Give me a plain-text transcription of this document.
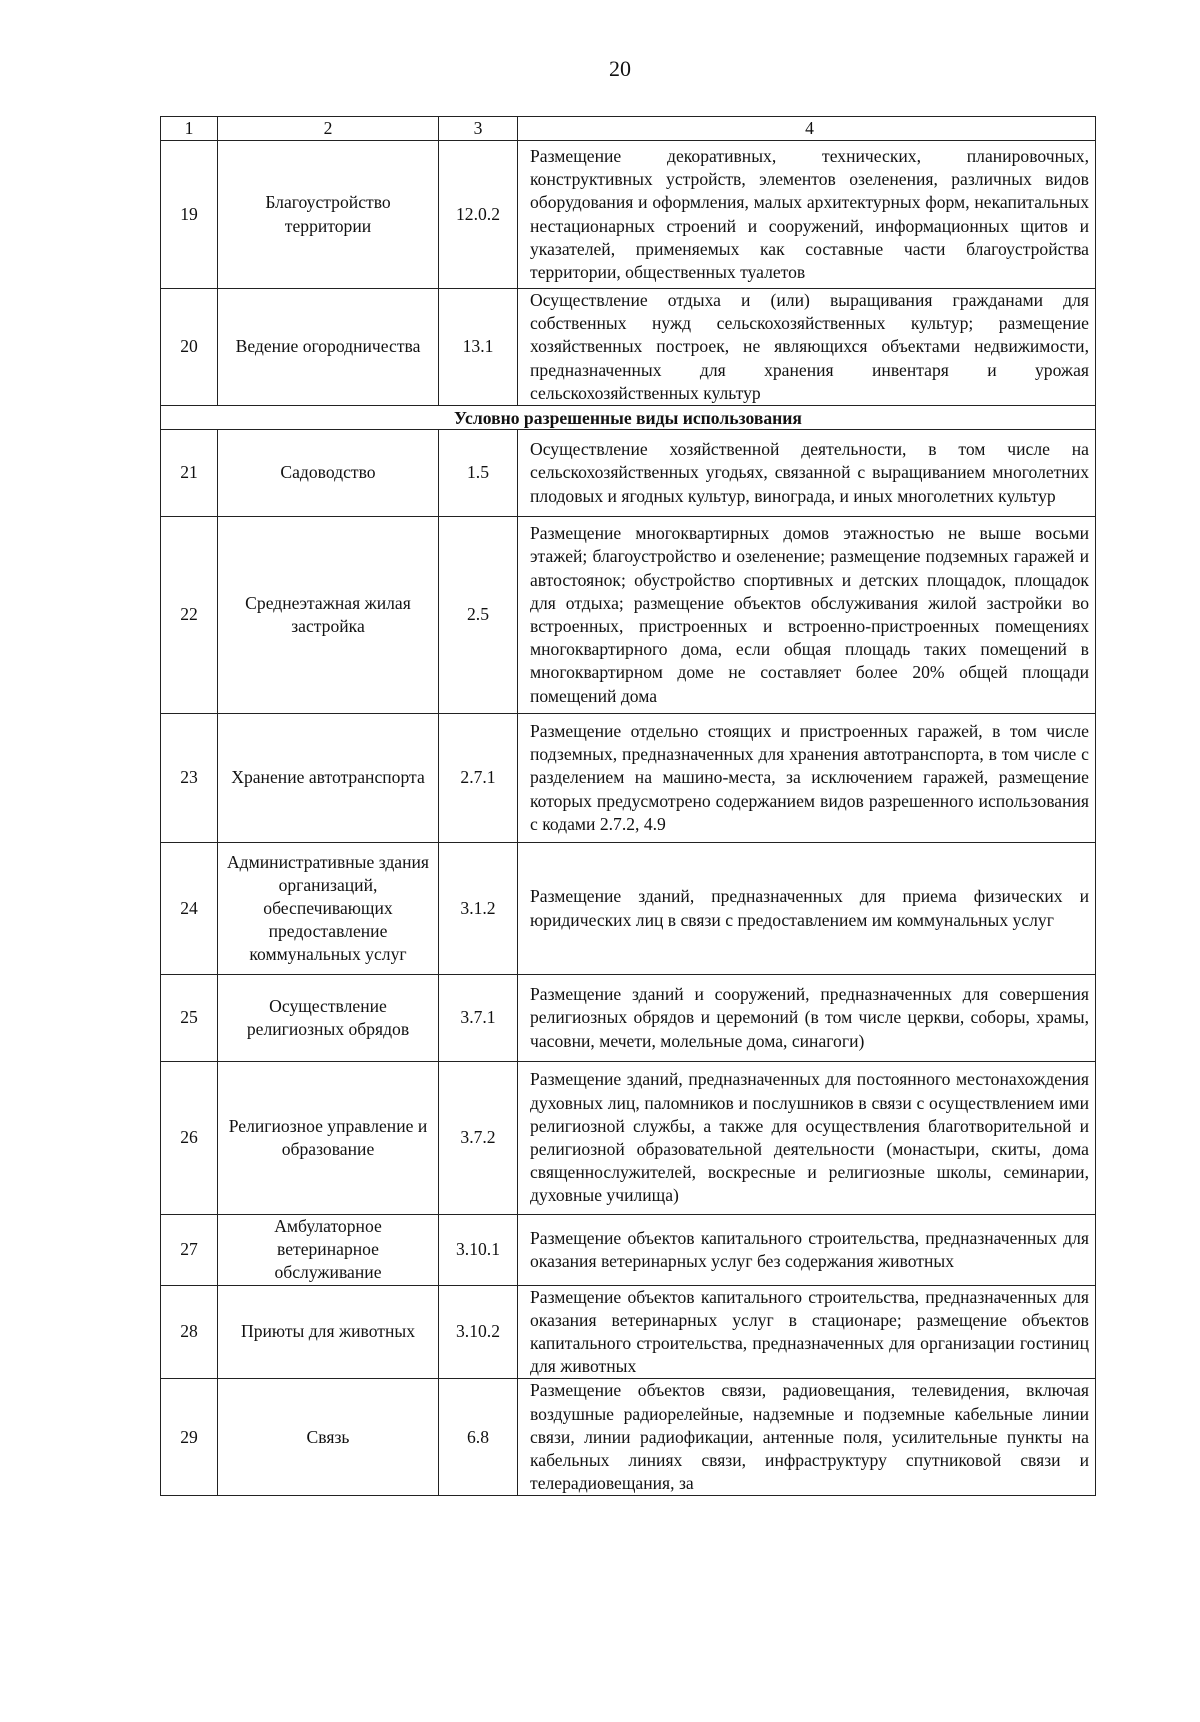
20
1	2	3	4
19	Благоустройство территории	12.0.2	Размещение декоративных, технических, планировочных, конструктивных устройств, элементов озеленения, различных видов оборудования и оформления, малых архитектурных форм, некапитальных нестационарных строений и сооружений, информационных щитов и указателей, применяемых как составные части благоустройства территории, общественных туалетов
20	Ведение огородничества	13.1	Осуществление отдыха и (или) выращивания гражданами для собственных нужд сельскохозяйственных культур; размещение хозяйственных построек, не являющихся объектами недвижимости, предназначенных для хранения инвентаря и урожая сельскохозяйственных культур
Условно разрешенные виды использования			
21	Садоводство	1.5	Осуществление хозяйственной деятельности, в том числе на сельскохозяйственных угодьях, связанной с выращиванием многолетних плодовых и ягодных культур, винограда, и иных многолетних культур
22	Среднеэтажная жилая застройка	2.5	Размещение многоквартирных домов этажностью не выше восьми этажей; благоустройство и озеленение; размещение подземных гаражей и автостоянок; обустройство спортивных и детских площадок, площадок для отдыха; размещение объектов обслуживания жилой застройки во встроенных, пристроенных и встроенно-пристроенных помещениях многоквартирного дома, если общая площадь таких помещений в многоквартирном доме не составляет более 20% общей площади помещений дома
23	Хранение автотранспорта	2.7.1	Размещение отдельно стоящих и пристроенных гаражей, в том числе подземных, предназначенных для хранения автотранспорта, в том числе с разделением на машино-места, за исключением гаражей, размещение которых предусмотрено содержанием видов разрешенного использования с кодами 2.7.2, 4.9
24	Административные здания организаций, обеспечивающих предоставление коммунальных услуг	3.1.2	Размещение зданий, предназначенных для приема физических и юридических лиц в связи с предоставлением им коммунальных услуг
25	Осуществление религиозных обрядов	3.7.1	Размещение зданий и сооружений, предназначенных для совершения религиозных обрядов и церемоний (в том числе церкви, соборы, храмы, часовни, мечети, молельные дома, синагоги)
26	Религиозное управление и образование	3.7.2	Размещение зданий, предназначенных для постоянного местонахождения духовных лиц, паломников и послушников в связи с осуществлением ими религиозной службы, а также для осуществления благотворительной и религиозной образовательной деятельности (монастыри, скиты, дома священнослужителей, воскресные и религиозные школы, семинарии, духовные училища)
27	Амбулаторное ветеринарное обслуживание	3.10.1	Размещение объектов капитального строительства, предназначенных для оказания ветеринарных услуг без содержания животных
28	Приюты для животных	3.10.2	Размещение объектов капитального строительства, предназначенных для оказания ветеринарных услуг в стационаре; размещение объектов капитального строительства, предназначенных для организации гостиниц для животных
29	Связь	6.8	Размещение объектов связи, радиовещания, телевидения, включая воздушные радиорелейные, надземные и подземные кабельные линии связи, линии радиофикации, антенные поля, усилительные пункты на кабельных линиях связи, инфраструктуру спутниковой связи и телерадиовещания, за
